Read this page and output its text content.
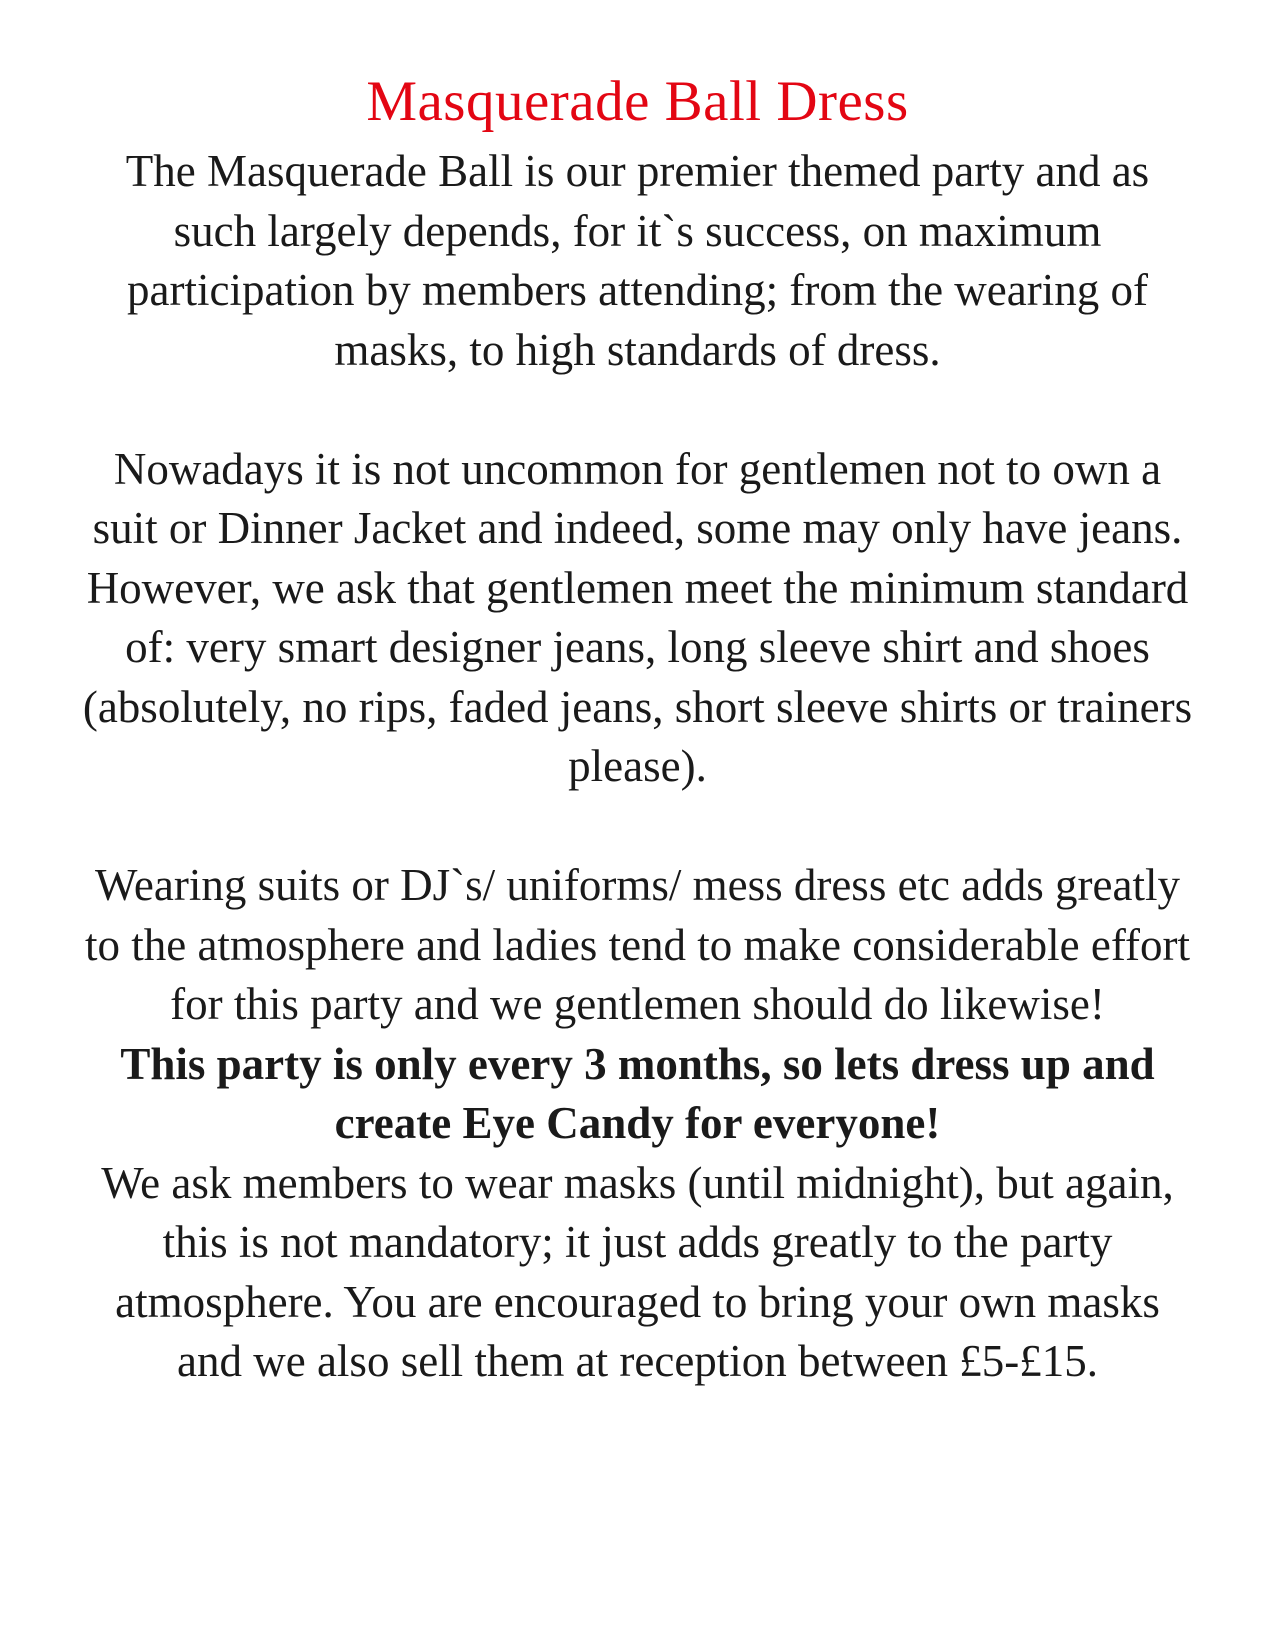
Masquerade Ball Dress

The Masquerade Ball is our premier themed party and as such largely depends, for it`s success, on maximum participation by members attending; from the wearing of masks, to high standards of dress.

Nowadays it is not uncommon for gentlemen not to own a suit or Dinner Jacket and indeed, some may only have jeans. However, we ask that gentlemen meet the minimum standard of: very smart designer jeans, long sleeve shirt and shoes (absolutely, no rips, faded jeans, short sleeve shirts or trainers please).

Wearing suits or DJ`s/ uniforms/ mess dress etc adds greatly to the atmosphere and ladies tend to make considerable effort for this party and we gentlemen should do likewise!

This party is only every 3 months, so lets dress up and create Eye Candy for everyone!

We ask members to wear masks (until midnight), but again, this is not mandatory; it just adds greatly to the party atmosphere. You are encouraged to bring your own masks and we also sell them at reception between £5-£15.
